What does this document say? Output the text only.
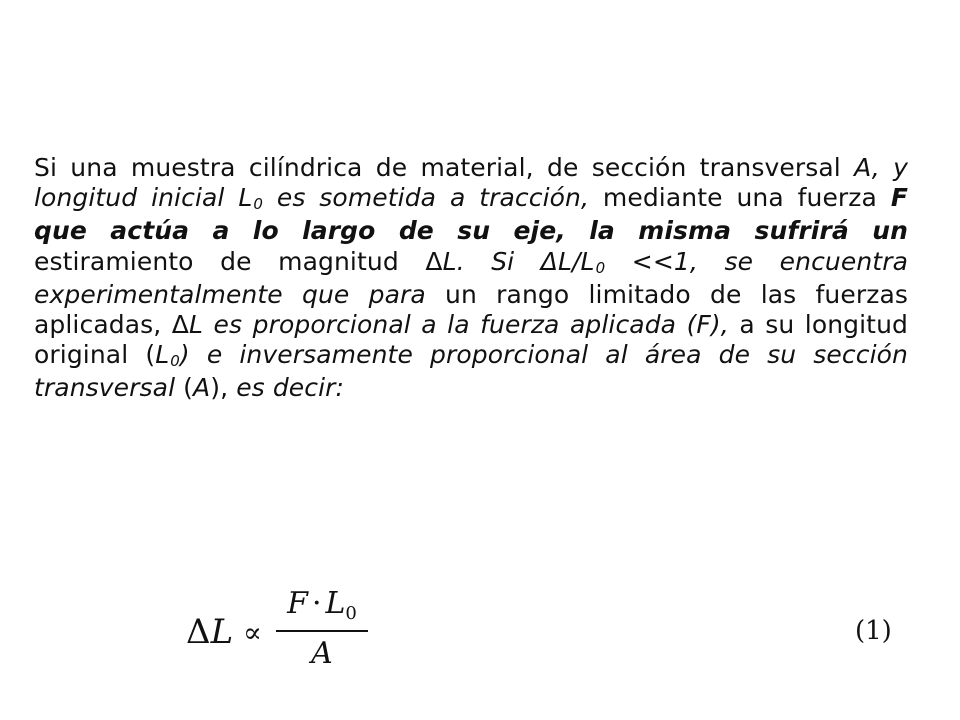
Si una muestra cilíndrica de material, de sección transversal A, y longitud inicial L0 es sometida a tracción, mediante una fuerza F que actúa a lo largo de su eje, la misma sufrirá un estiramiento de magnitud ΔL. Si ΔL/L0 <<1, se encuentra experimentalmente que para un rango limitado de las fuerzas aplicadas, ΔL es proporcional a la fuerza aplicada (F), a su longitud original (L0) e inversamente proporcional al área de su sección transversal (A), es decir:

ΔL ∝
$F \cdot L_0$
A
(1)
